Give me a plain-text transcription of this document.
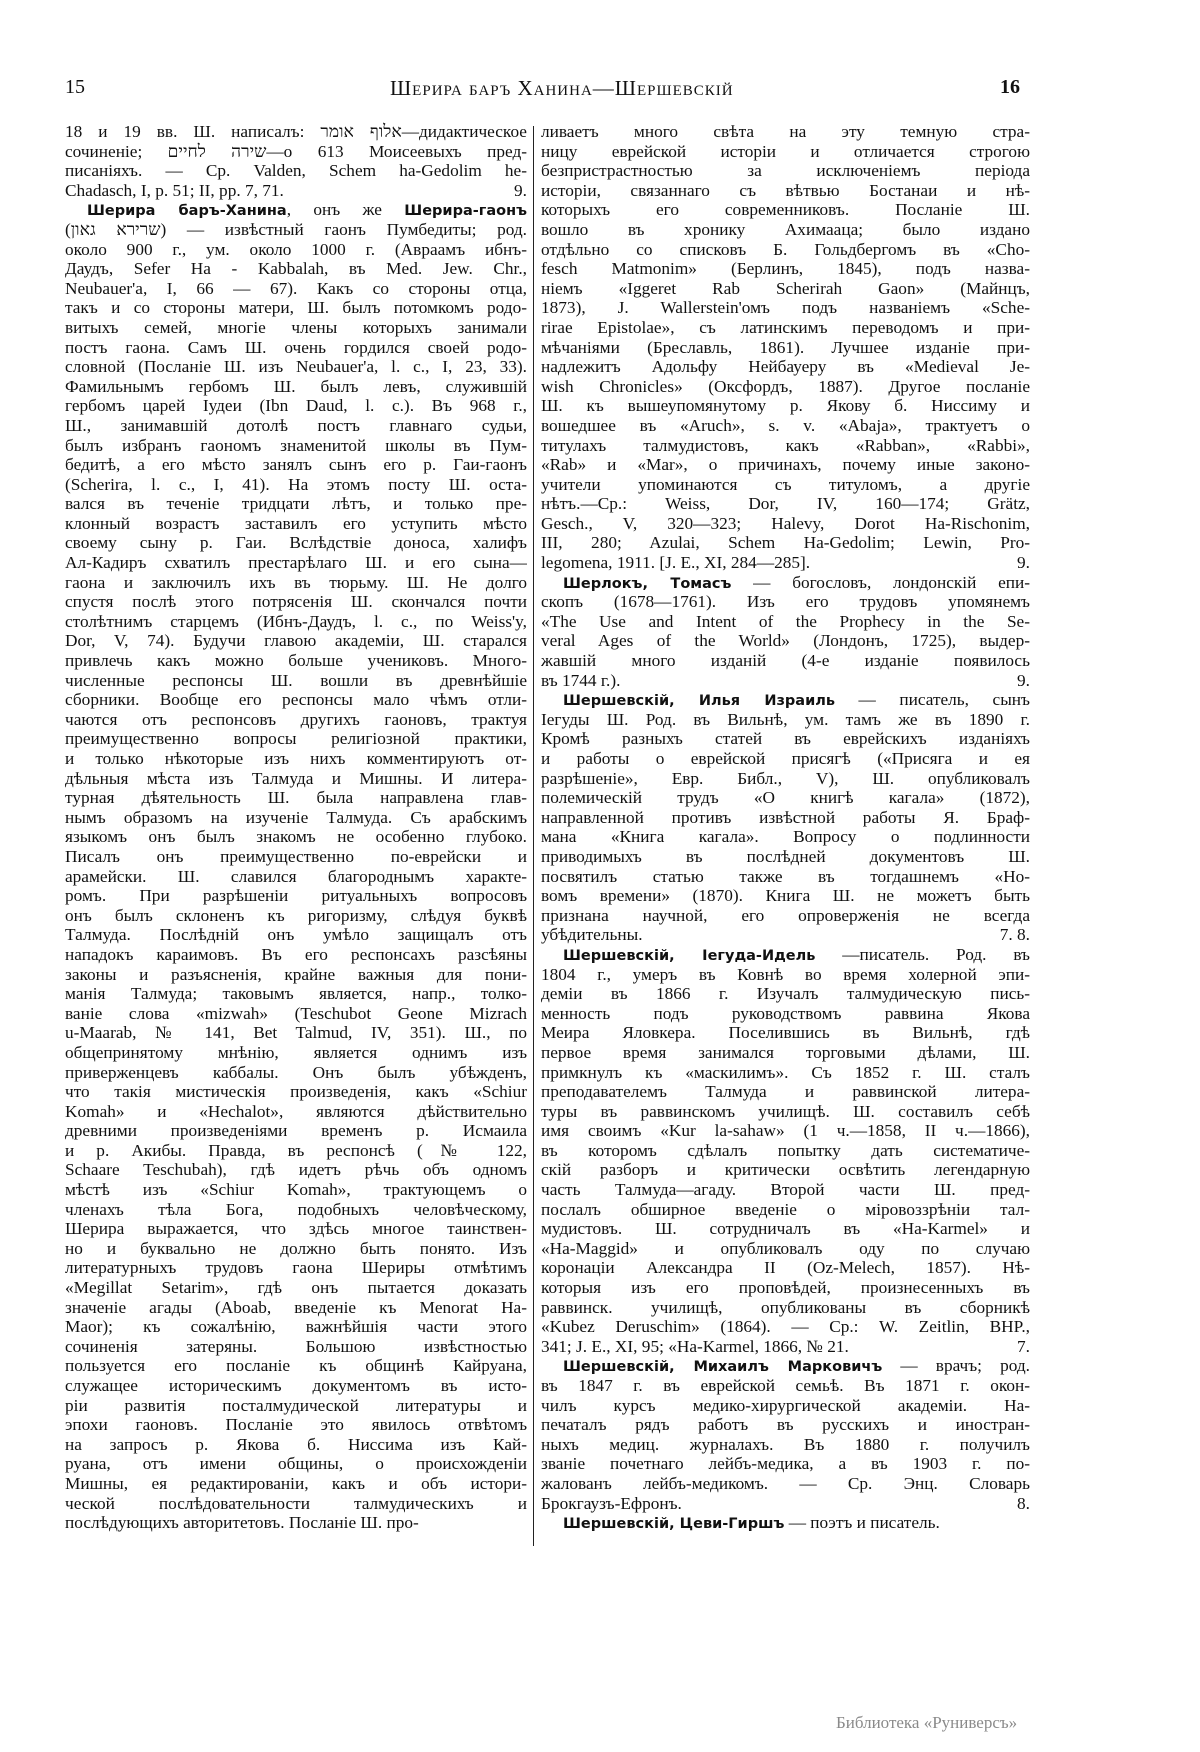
15	Шерира баръ Ханина—Шершевскій	16
18 и 19 вв. Ш. написалъ: אלוף אומר—дидактическое
сочиненіе; שירה לחיים—о 613 Моисеевыхъ пред-
писаніяхъ. — Ср. Valden, Schem ha-Gedolim he-
Chadasch, I, p. 51; II, pp. 7, 71.	9.
Шерира баръ-Ханина, онъ же Шерира-гаонъ
(שרירא גאון) — извѣстный гаонъ Пумбедиты; род.
около 900 г., ум. около 1000 г. (Авраамъ ибнъ-
Даудъ, Sefer Ha - Kabbalah, въ Med. Jew. Chr.,
Neubauer'a, I, 66 — 67). Какъ со стороны отца,
такъ и со стороны матери, Ш. былъ потомкомъ родо-
витыхъ семей, многіе члены которыхъ занимали
постъ гаона. Самъ Ш. очень гордился своей родо-
словной (Посланіе Ш. изъ Neubauer'a, l. c., I, 23, 33).
Фамильнымъ гербомъ Ш. былъ левъ, служившій
гербомъ царей Іудеи (Ibn Daud, l. c.). Въ 968 г.,
Ш., занимавшій дотолѣ постъ главнаго судьи,
былъ избранъ гаономъ знаменитой школы въ Пум-
бедитѣ, а его мѣсто занялъ сынъ его р. Гаи-гаонъ
(Scherira, l. c., I, 41). На этомъ посту Ш. оста-
вался въ теченіе тридцати лѣтъ, и только пре-
клонный возрастъ заставилъ его уступить мѣсто
своему сыну р. Гаи. Вслѣдствіе доноса, халифъ
Ал-Кадиръ схватилъ престарѣлаго Ш. и его сына—
гаона и заключилъ ихъ въ тюрьму. Ш. Не долго
спустя послѣ этого потрясенія Ш. скончался почти
столѣтнимъ старцемъ (Ибнъ-Даудъ, l. c., по Weiss'y,
Dor, V, 74). Будучи главою академіи, Ш. старался
привлечь какъ можно больше учениковъ. Много-
численные респонсы Ш. вошли въ древнѣйшіе
сборники. Вообще его респонсы мало чѣмъ отли-
чаются отъ респонсовъ другихъ гаоновъ, трактуя
преимущественно вопросы религіозной практики,
и только нѣкоторые изъ нихъ комментируютъ от-
дѣльныя мѣста изъ Талмуда и Мишны. И литера-
турная дѣятельность Ш. была направлена глав-
нымъ образомъ на изученіе Талмуда. Съ арабскимъ
языкомъ онъ былъ знакомъ не особенно глубоко.
Писалъ онъ преимущественно по-еврейски и
арамейски. Ш. славился благороднымъ характе-
ромъ. При разрѣшеніи ритуальныхъ вопросовъ
онъ былъ склоненъ къ ригоризму, слѣдуя буквѣ
Талмуда. Послѣдній онъ умѣло защищалъ отъ
нападокъ караимовъ. Въ его респонсахъ разсѣяны
законы и разъясненія, крайне важныя для пони-
манія Талмуда; таковымъ является, напр., толко-
ваніе слова «mizwah» (Teschubot Geone Mizrach
u-Maarab, № 141, Bet Talmud, IV, 351). Ш., по
общепринятому мнѣнію, является однимъ изъ
приверженцевъ каббалы. Онъ былъ убѣжденъ,
что такія мистическія произведенія, какъ «Schiur
Komah» и «Hechalot», являются дѣйствительно
древними произведеніями временъ р. Исмаила
и р. Акибы. Правда, въ респонсѣ (№ 122,
Schaare Teschubah), гдѣ идетъ рѣчь объ одномъ
мѣстѣ изъ «Schiur Komah», трактующемъ о
членахъ тѣла Бога, подобныхъ человѣческому,
Шерира выражается, что здѣсь многое таинствен-
но и буквально не должно быть понято. Изъ
литературныхъ трудовъ гаона Шериры отмѣтимъ
«Megillat Setarim», гдѣ онъ пытается доказать
значеніе агады (Aboab, введеніе къ Menorat Ha-
Maor); къ сожалѣнію, важнѣйшія части этого
сочиненія затеряны. Большою извѣстностью
пользуется его посланіе къ общинѣ Кайруана,
служащее историческимъ документомъ въ исто-
ріи развитія посталмудической литературы и
эпохи гаоновъ. Посланіе это явилось отвѣтомъ
на запросъ р. Якова б. Ниссима изъ Кай-
руана, отъ имени общины, о происхожденіи
Мишны, ея редактированіи, какъ и объ истори-
ческой послѣдовательности талмудическихъ и
послѣдующихъ авторитетовъ. Посланіе Ш. про-
ливаетъ много свѣта на эту темную стра-
ницу еврейской исторіи и отличается строгою
безпристрастностью за исключеніемъ періода
исторіи, связаннаго съ вѣтвью Бостанаи и нѣ-
которыхъ его современниковъ. Посланіе Ш.
вошло въ хронику Ахимааца; было издано
отдѣльно со списковъ Б. Гольдбергомъ въ «Cho-
fesch Matmonim» (Берлинъ, 1845), подъ назва-
ніемъ «Iggeret Rab Scherirah Gaon» (Майнцъ,
1873), J. Wallerstein'омъ подъ названіемъ «Sche-
rirae Epistolae», съ латинскимъ переводомъ и при-
мѣчаніями (Бреславль, 1861). Лучшее изданіе при-
надлежитъ Адольфу Нейбауеру въ «Medieval Je-
wish Chronicles» (Оксфордъ, 1887). Другое посланіе
Ш. къ вышеупомянутому р. Якову б. Ниссиму и
вошедшее въ «Aruch», s. v. «Abaja», трактуетъ о
титулахъ талмудистовъ, какъ «Rabban», «Rabbi»,
«Rab» и «Mar», о причинахъ, почему иные законо-
учители упоминаются съ титуломъ, а другіе
нѣтъ.—Ср.: Weiss, Dor, IV, 160—174; Grätz,
Gesch., V, 320—323; Halevy, Dorot Ha-Rischonim,
III, 280; Azulai, Schem Ha-Gedolim; Lewin, Pro-
legomena, 1911. [J. E., XI, 284—285].	9.
Шерлокъ, Томасъ — богословъ, лондонскій епи-
скопъ (1678—1761). Изъ его трудовъ упомянемъ
«The Use and Intent of the Prophecy in the Se-
veral Ages of the World» (Лондонъ, 1725), выдер-
жавшій много изданій (4-е изданіе появилось
въ 1744 г.).	9.
Шершевскій, Илья Израиль — писатель, сынъ
Іегуды Ш. Род. въ Вильнѣ, ум. тамъ же въ 1890 г.
Кромѣ разныхъ статей въ еврейскихъ изданіяхъ
и работы о еврейской присягѣ («Присяга и ея
разрѣшеніе», Евр. Библ., V), Ш. опубликовалъ
полемическій трудъ «О книгѣ кагала» (1872),
направленной противъ извѣстной работы Я. Браф-
мана «Книга кагала». Вопросу о подлинности
приводимыхъ въ послѣдней документовъ Ш.
посвятилъ статью также въ тогдашнемъ «Но-
вомъ времени» (1870). Книга Ш. не можетъ быть
признана научной, его опроверженія не всегда
убѣдительны.	7. 8.
Шершевскій, Іегуда-Идель —писатель. Род. въ
1804 г., умеръ въ Ковнѣ во время холерной эпи-
деміи въ 1866 г. Изучалъ талмудическую пись-
менность подъ руководствомъ раввина Якова
Меира Яловкера. Поселившись въ Вильнѣ, гдѣ
первое время занимался торговыми дѣлами, Ш.
примкнулъ къ «маскилимъ». Съ 1852 г. Ш. сталъ
преподавателемъ Талмуда и раввинской литера-
туры въ раввинскомъ училищѣ. Ш. составилъ себѣ
имя своимъ «Kur la-sahaw» (1 ч.—1858, II ч.—1866),
въ которомъ сдѣлалъ попытку дать систематиче-
скій разборъ и критически освѣтить легендарную
часть Талмуда—агаду. Второй части Ш. пред-
послалъ обширное введеніе о міровоззрѣніи тал-
мудистовъ. Ш. сотрудничалъ въ «Ha-Karmel» и
«Ha-Maggid» и опубликовалъ оду по случаю
коронаціи Александра II (Oz-Melech, 1857). Нѣ-
которыя изъ его проповѣдей, произнесенныхъ въ
раввинск. училищѣ, опубликованы въ сборникѣ
«Kubez Deruschim» (1864). — Ср.: W. Zeitlin, BHP.,
341; J. E., XI, 95; «Ha-Karmel, 1866, № 21.	7.
Шершевскій, Михаилъ Марковичъ — врачъ; род.
въ 1847 г. въ еврейской семьѣ. Въ 1871 г. окон-
чилъ курсъ медико-хирургической академіи. На-
печаталъ рядъ работъ въ русскихъ и иностран-
ныхъ медиц. журналахъ. Въ 1880 г. получилъ
званіе почетнаго лейбъ-медика, а въ 1903 г. по-
жалованъ лейбъ-медикомъ. — Ср. Энц. Словарь
Брокгаузъ-Ефронъ.	8.
Шершевскій, Цеви-Гиршъ — поэтъ и писатель.
Библиотека «Руниверсъ»
